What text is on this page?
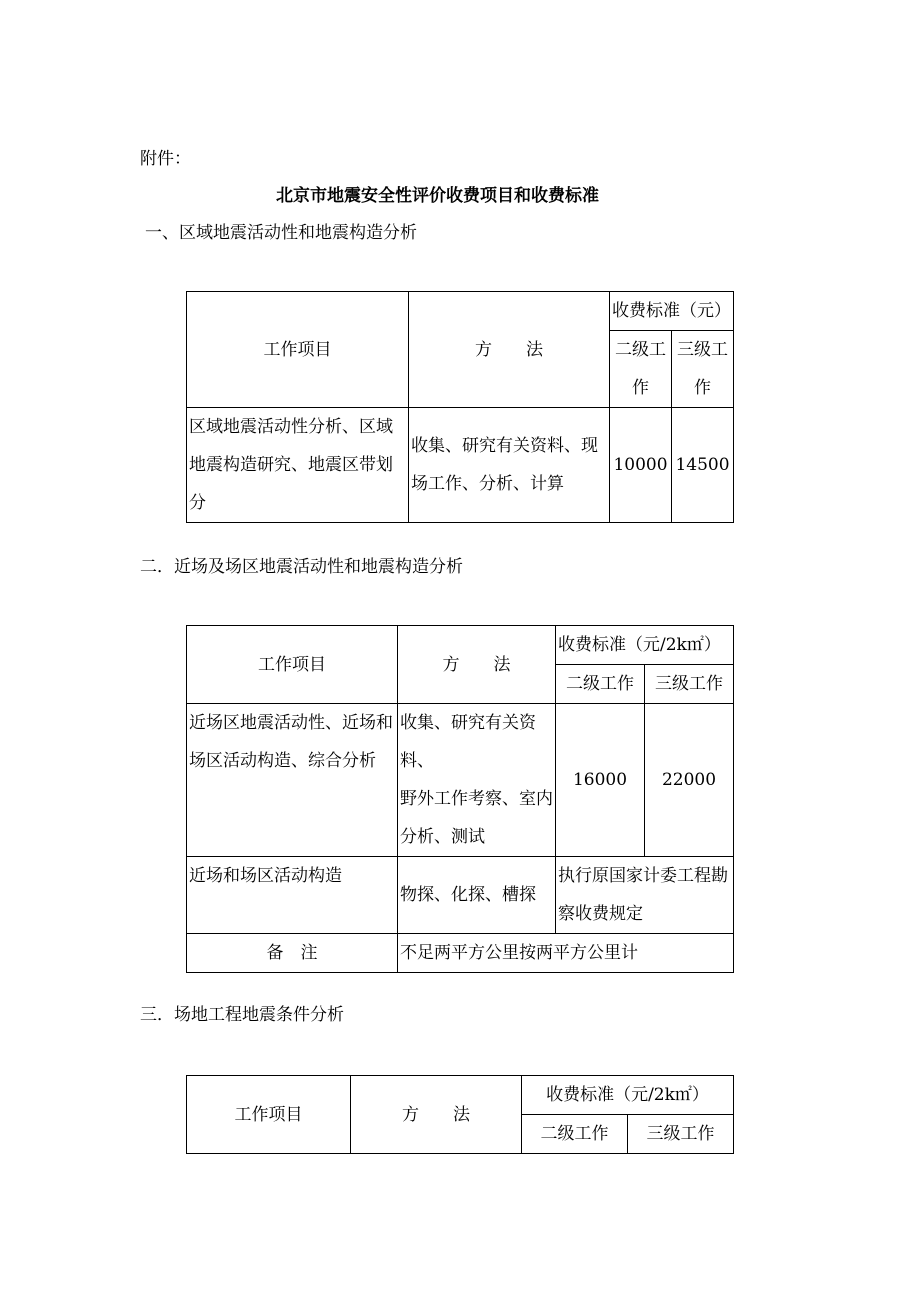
附件：
北京市地震安全性评价收费项目和收费标准
一、区域地震活动性和地震构造分析
工作项目	方　　法	收费标准（元）	
		二级工作	三级工作
区域地震活动性分析、区域地震构造研究、地震区带划分	收集、研究有关资料、现场工作、分析、计算	10000	14500
二．近场及场区地震活动性和地震构造分析
工作项目	方　　法	收费标准（元/2k㎡）	
		二级工作	三级工作
近场区地震活动性、近场和场区活动构造、综合分析	收集、研究有关资料、
野外工作考察、室内分析、测试	16000	22000
近场和场区活动构造	物探、化探、槽探	执行原国家计委工程勘察收费规定	
备　注	不足两平方公里按两平方公里计		
三．场地工程地震条件分析
工作项目	方　　法	收费标准（元/2k㎡）	
		二级工作	三级工作
